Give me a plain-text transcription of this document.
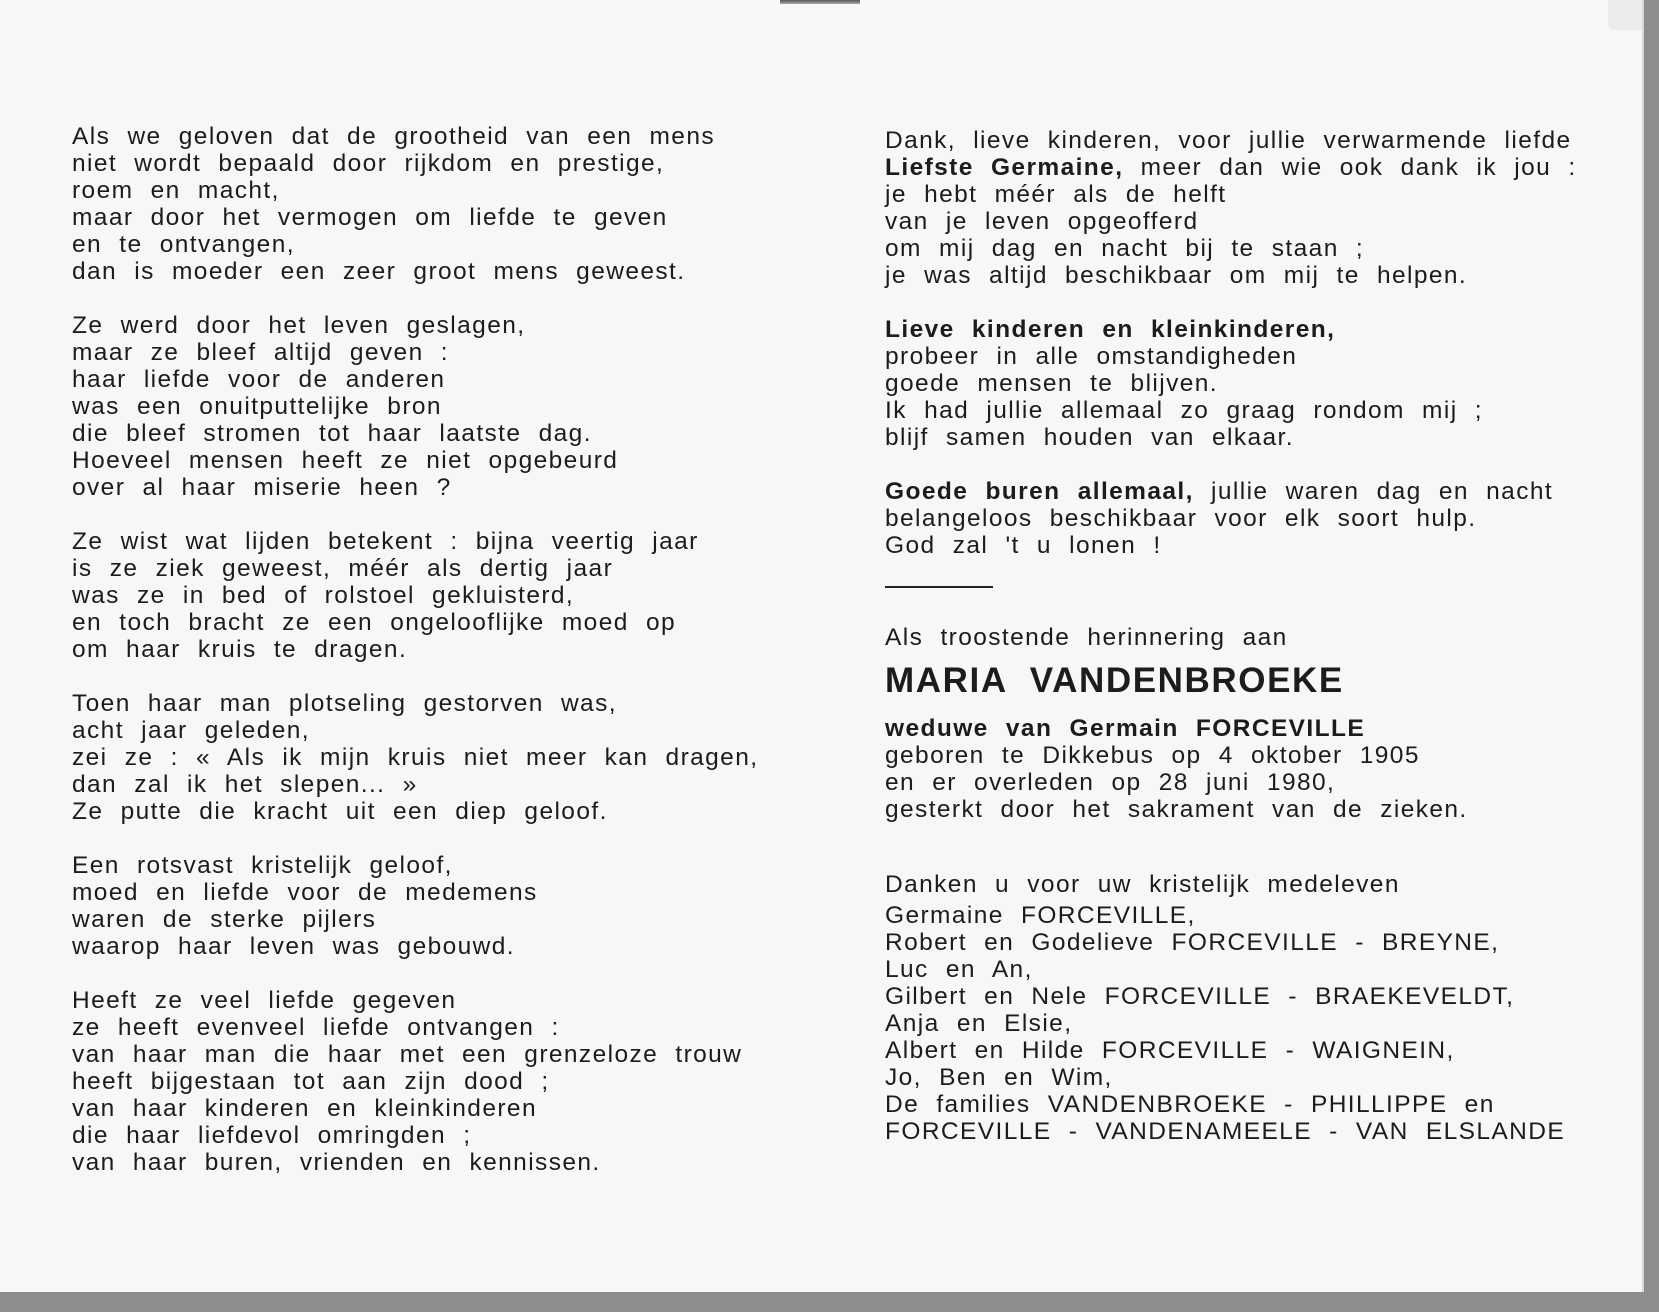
Als we geloven dat de grootheid van een mens
niet wordt bepaald door rijkdom en prestige,
roem en macht,
maar door het vermogen om liefde te geven
en te ontvangen,
dan is moeder een zeer groot mens geweest.
Ze werd door het leven geslagen,
maar ze bleef altijd geven :
haar liefde voor de anderen
was een onuitputtelijke bron
die bleef stromen tot haar laatste dag.
Hoeveel mensen heeft ze niet opgebeurd
over al haar miserie heen ?
Ze wist wat lijden betekent : bijna veertig jaar
is ze ziek geweest, méér als dertig jaar
was ze in bed of rolstoel gekluisterd,
en toch bracht ze een ongelooflijke moed op
om haar kruis te dragen.
Toen haar man plotseling gestorven was,
acht jaar geleden,
zei ze : « Als ik mijn kruis niet meer kan dragen,
dan zal ik het slepen... »
Ze putte die kracht uit een diep geloof.
Een rotsvast kristelijk geloof,
moed en liefde voor de medemens
waren de sterke pijlers
waarop haar leven was gebouwd.
Heeft ze veel liefde gegeven
ze heeft evenveel liefde ontvangen :
van haar man die haar met een grenzeloze trouw
heeft bijgestaan tot aan zijn dood ;
van haar kinderen en kleinkinderen
die haar liefdevol omringden ;
van haar buren, vrienden en kennissen.
Dank, lieve kinderen, voor jullie verwarmende liefde
Liefste Germaine, meer dan wie ook dank ik jou :
je hebt méér als de helft
van je leven opgeofferd
om mij dag en nacht bij te staan ;
je was altijd beschikbaar om mij te helpen.
Lieve kinderen en kleinkinderen,
probeer in alle omstandigheden
goede mensen te blijven.
Ik had jullie allemaal zo graag rondom mij ;
blijf samen houden van elkaar.
Goede buren allemaal, jullie waren dag en nacht
belangeloos beschikbaar voor elk soort hulp.
God zal 't u lonen !
Als troostende herinnering aan
MARIA VANDENBROEKE
weduwe van Germain FORCEVILLE
geboren te Dikkebus op 4 oktober 1905
en er overleden op 28 juni 1980,
gesterkt door het sakrament van de zieken.
Danken u voor uw kristelijk medeleven
Germaine FORCEVILLE,
Robert en Godelieve FORCEVILLE - BREYNE,
Luc en An,
Gilbert en Nele FORCEVILLE - BRAEKEVELDT,
Anja en Elsie,
Albert en Hilde FORCEVILLE - WAIGNEIN,
Jo, Ben en Wim,
De families VANDENBROEKE - PHILLIPPE en
FORCEVILLE - VANDENAMEELE - VAN ELSLANDE
